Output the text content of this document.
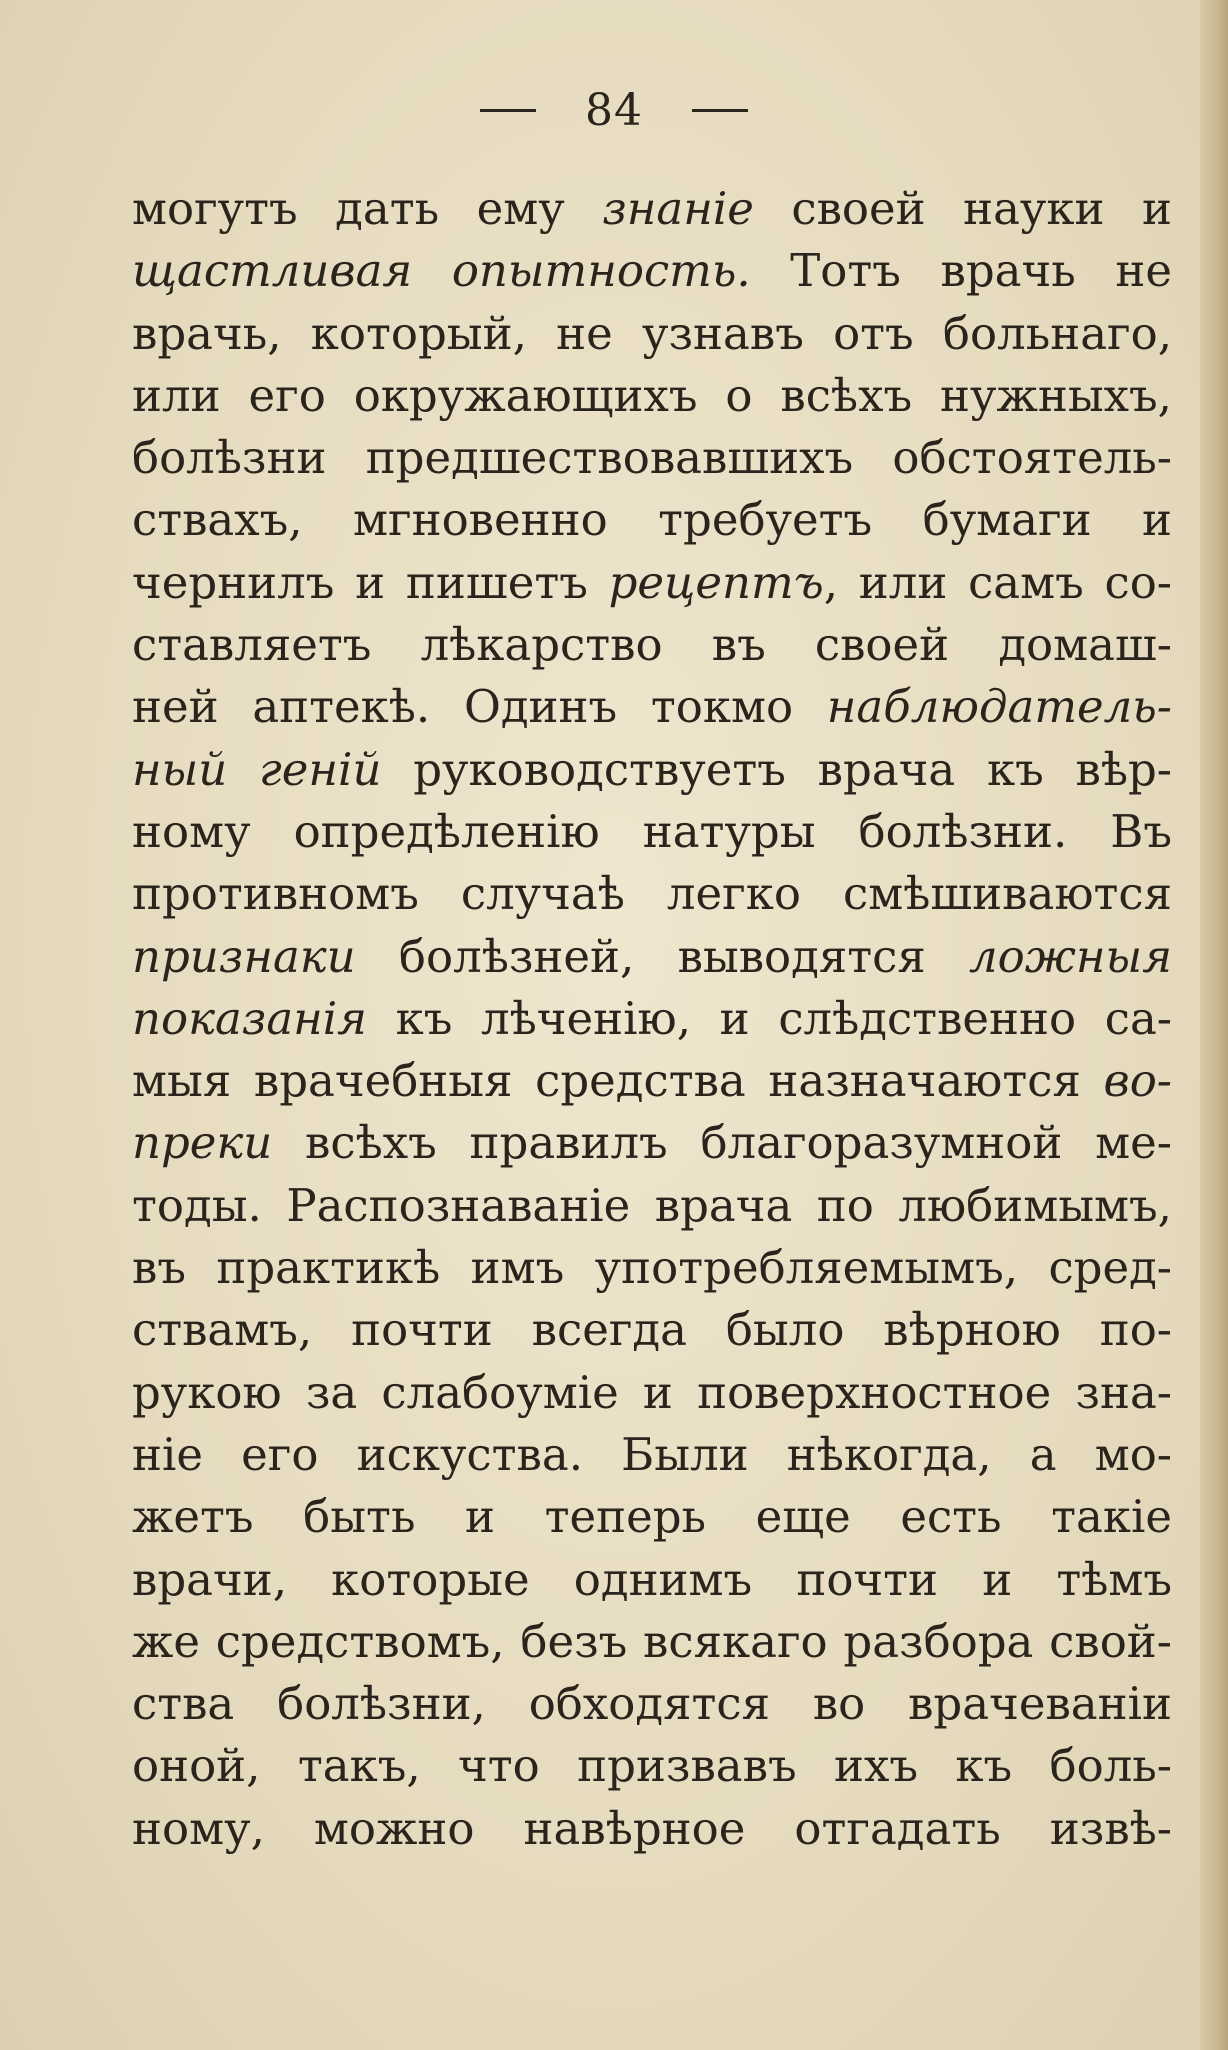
84
могутъ дать ему знаніе своей науки и
щастливая опытность. Тотъ врачь не
врачь, который, не узнавъ отъ больнаго,
или его окружающихъ о всѣхъ нужныхъ,
болѣзни предшествовавшихъ обстоятель-
ствахъ, мгновенно требуетъ бумаги и
чернилъ и пишетъ рецептъ, или самъ со-
ставляетъ лѣкарство въ своей домаш-
ней аптекѣ. Одинъ токмо наблюдатель-
ный геній руководствуетъ врача къ вѣр-
ному опредѣленію натуры болѣзни. Въ
противномъ случаѣ легко смѣшиваются
признаки болѣзней, выводятся ложныя
показанія къ лѣченію, и слѣдственно са-
мыя врачебныя средства назначаются во-
преки всѣхъ правилъ благоразумной ме-
тоды. Распознаваніе врача по любимымъ,
въ практикѣ имъ употребляемымъ, сред-
ствамъ, почти всегда было вѣрною по-
рукою за слабоуміе и поверхностное зна-
ніе его искуства. Были нѣкогда, а мо-
жетъ быть и теперь еще есть такіе
врачи, которые однимъ почти и тѣмъ
же средствомъ, безъ всякаго разбора свой-
ства болѣзни, обходятся во врачеваніи
оной, такъ, что призвавъ ихъ къ боль-
ному, можно навѣрное отгадать извѣ-
